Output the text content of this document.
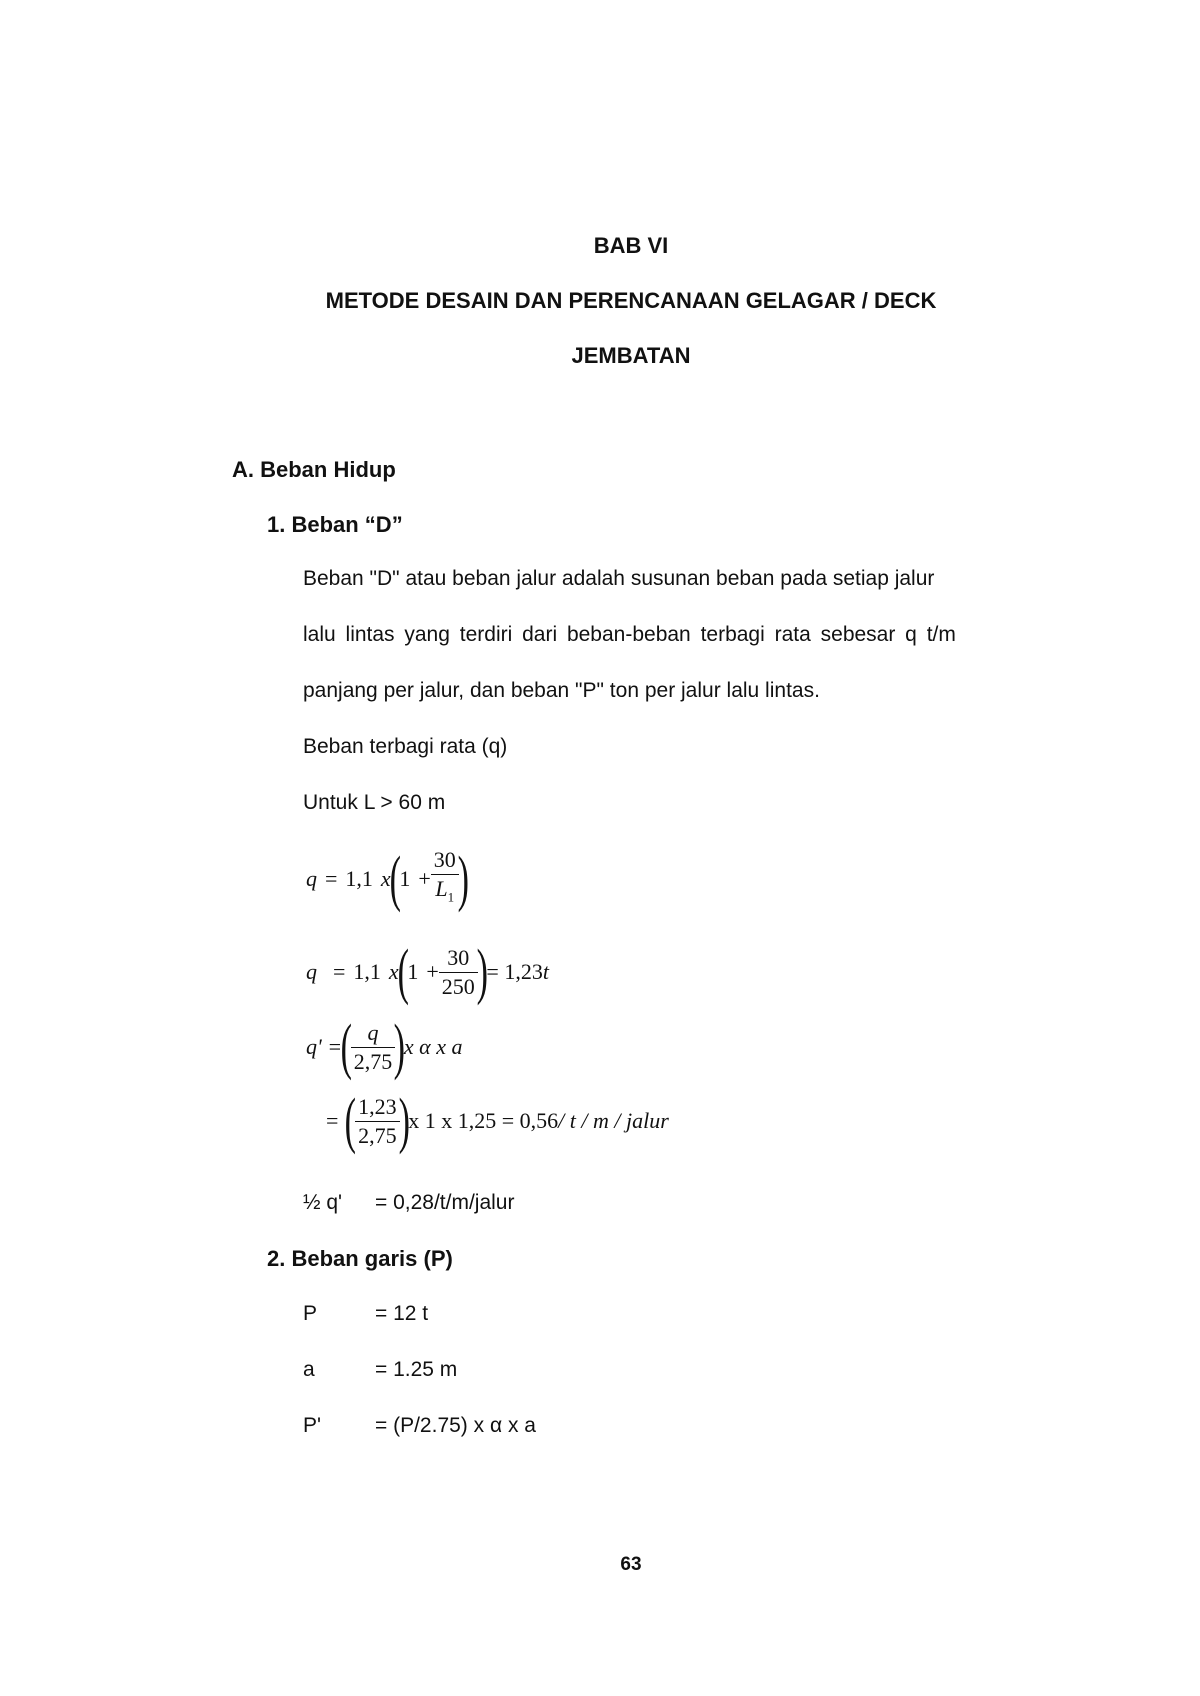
BAB VI
METODE DESAIN DAN PERENCANAAN GELAGAR / DECK
JEMBATAN
A. Beban Hidup
1. Beban “D”
Beban "D" atau beban jalur adalah susunan beban pada setiap jalur
lalu lintas yang terdiri dari beban-beban terbagi rata sebesar q t/m
panjang per jalur, dan beban "P" ton per jalur lalu lintas.
Beban terbagi rata (q)
Untuk L > 60 m
q = 1,1 x
(
$1 + \frac{30}{L_1}$
)
q = 1,1 x
(
$1 + \frac{30}{250}$
)
= 1,23 t
q' =
(
$\frac{q}{2,75}$
)
x α x a
= (
$\frac{1,23}{2,75}$
)
x 1 x 1,25 = 0,56 / t / m / jalur
½ q' = 0,28/t/m/jalur
2. Beban garis (P)
P	= 12 t
a	= 1.25 m
P'	= (P/2.75) x α x a
63
